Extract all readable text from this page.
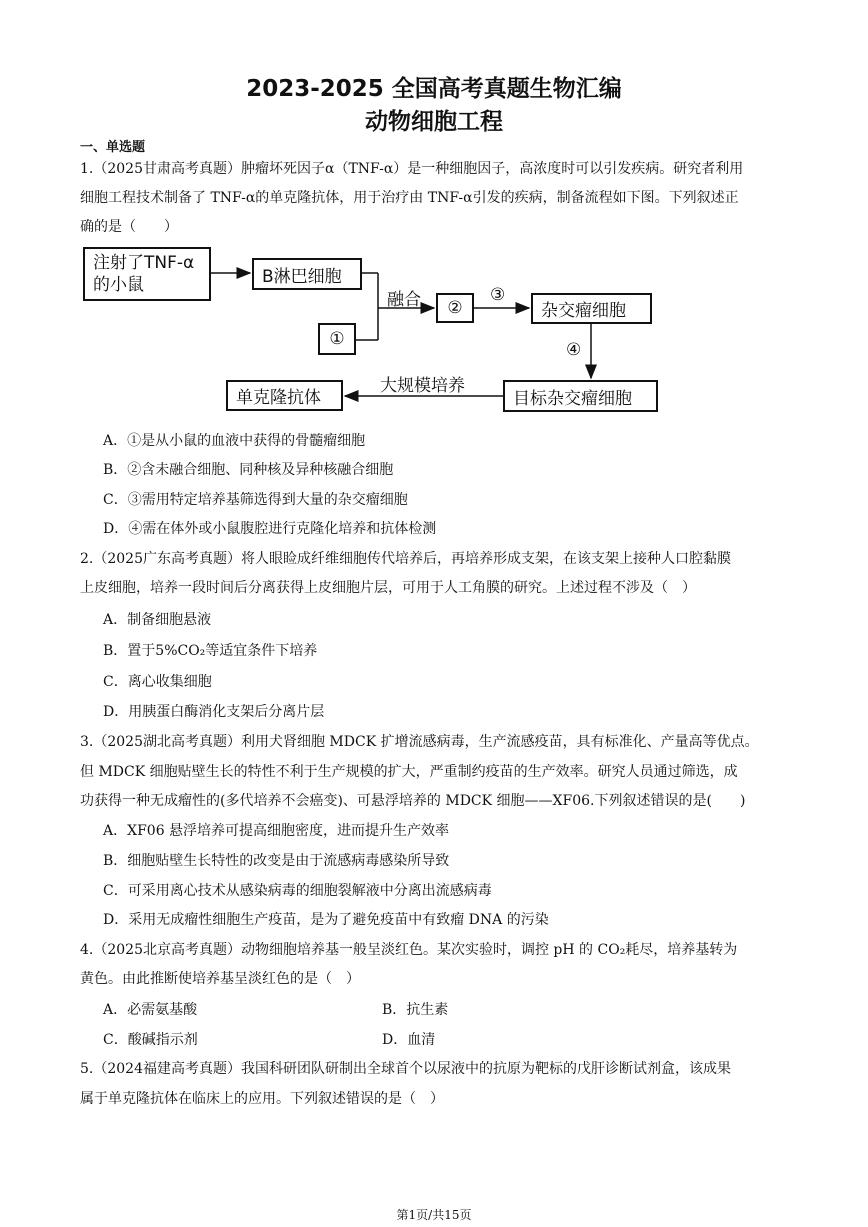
2023-2025 全国高考真题生物汇编
动物细胞工程
一、单选题
1.（2025甘肃高考真题）肿瘤坏死因子α（TNF-α）是一种细胞因子，高浓度时可以引发疾病。研究者利用
细胞工程技术制备了 TNF-α的单克隆抗体，用于治疗由 TNF-α引发的疾病，制备流程如下图。下列叙述正
确的是（　　）
注射了TNF-α
的小鼠	B淋巴细胞
①
融合	②
③
杂交瘤细胞
④
目标杂交瘤细胞
大规模培养
单克隆抗体
A．①是从小鼠的血液中获得的骨髓瘤细胞
B．②含未融合细胞、同种核及异种核融合细胞
C．③需用特定培养基筛选得到大量的杂交瘤细胞
D．④需在体外或小鼠腹腔进行克隆化培养和抗体检测
2.（2025广东高考真题）将人眼睑成纤维细胞传代培养后，再培养形成支架，在该支架上接种人口腔黏膜
上皮细胞，培养一段时间后分离获得上皮细胞片层，可用于人工角膜的研究。上述过程不涉及（　）
A．制备细胞悬液
B．置于5%CO₂等适宜条件下培养
C．离心收集细胞
D．用胰蛋白酶消化支架后分离片层
3.（2025湖北高考真题）利用犬肾细胞 MDCK 扩增流感病毒，生产流感疫苗，具有标准化、产量高等优点。
但 MDCK 细胞贴壁生长的特性不利于生产规模的扩大，严重制约疫苗的生产效率。研究人员通过筛选，成
功获得一种无成瘤性的(多代培养不会癌变)、可悬浮培养的 MDCK 细胞——XF06.下列叙述错误的是(　　)
A．XF06 悬浮培养可提高细胞密度，进而提升生产效率
B．细胞贴壁生长特性的改变是由于流感病毒感染所导致
C．可采用离心技术从感染病毒的细胞裂解液中分离出流感病毒
D．采用无成瘤性细胞生产疫苗，是为了避免疫苗中有致瘤 DNA 的污染
4.（2025北京高考真题）动物细胞培养基一般呈淡红色。某次实验时，调控 pH 的 CO₂耗尽，培养基转为
黄色。由此推断使培养基呈淡红色的是（　）
A．必需氨基酸	B．抗生素
C．酸碱指示剂	D．血清
5.（2024福建高考真题）我国科研团队研制出全球首个以尿液中的抗原为靶标的戊肝诊断试剂盒，该成果
属于单克隆抗体在临床上的应用。下列叙述错误的是（　）
第1页/共15页
